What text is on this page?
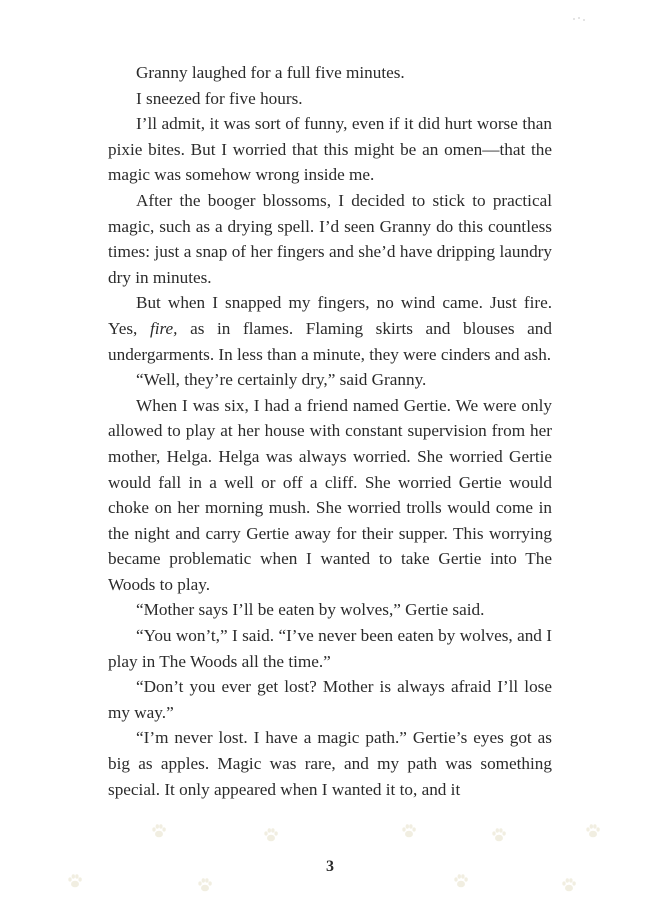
Granny laughed for a full five minutes.

I sneezed for five hours.

I’ll admit, it was sort of funny, even if it did hurt worse than pixie bites. But I worried that this might be an omen—that the magic was somehow wrong inside me.

After the booger blossoms, I decided to stick to practical magic, such as a drying spell. I’d seen Granny do this countless times: just a snap of her fingers and she’d have dripping laundry dry in minutes.

But when I snapped my fingers, no wind came. Just fire. Yes, fire, as in flames. Flaming skirts and blouses and undergarments. In less than a minute, they were cinders and ash.

“Well, they’re certainly dry,” said Granny.

When I was six, I had a friend named Gertie. We were only allowed to play at her house with constant supervision from her mother, Helga. Helga was always worried. She worried Gertie would fall in a well or off a cliff. She worried Gertie would choke on her morning mush. She worried trolls would come in the night and carry Gertie away for their supper. This worrying became problematic when I wanted to take Gertie into The Woods to play.

“Mother says I’ll be eaten by wolves,” Gertie said.

“You won’t,” I said. “I’ve never been eaten by wolves, and I play in The Woods all the time.”

“Don’t you ever get lost? Mother is always afraid I’ll lose my way.”

“I’m never lost. I have a magic path.” Gertie’s eyes got as big as apples. Magic was rare, and my path was something special. It only appeared when I wanted it to, and it

3
